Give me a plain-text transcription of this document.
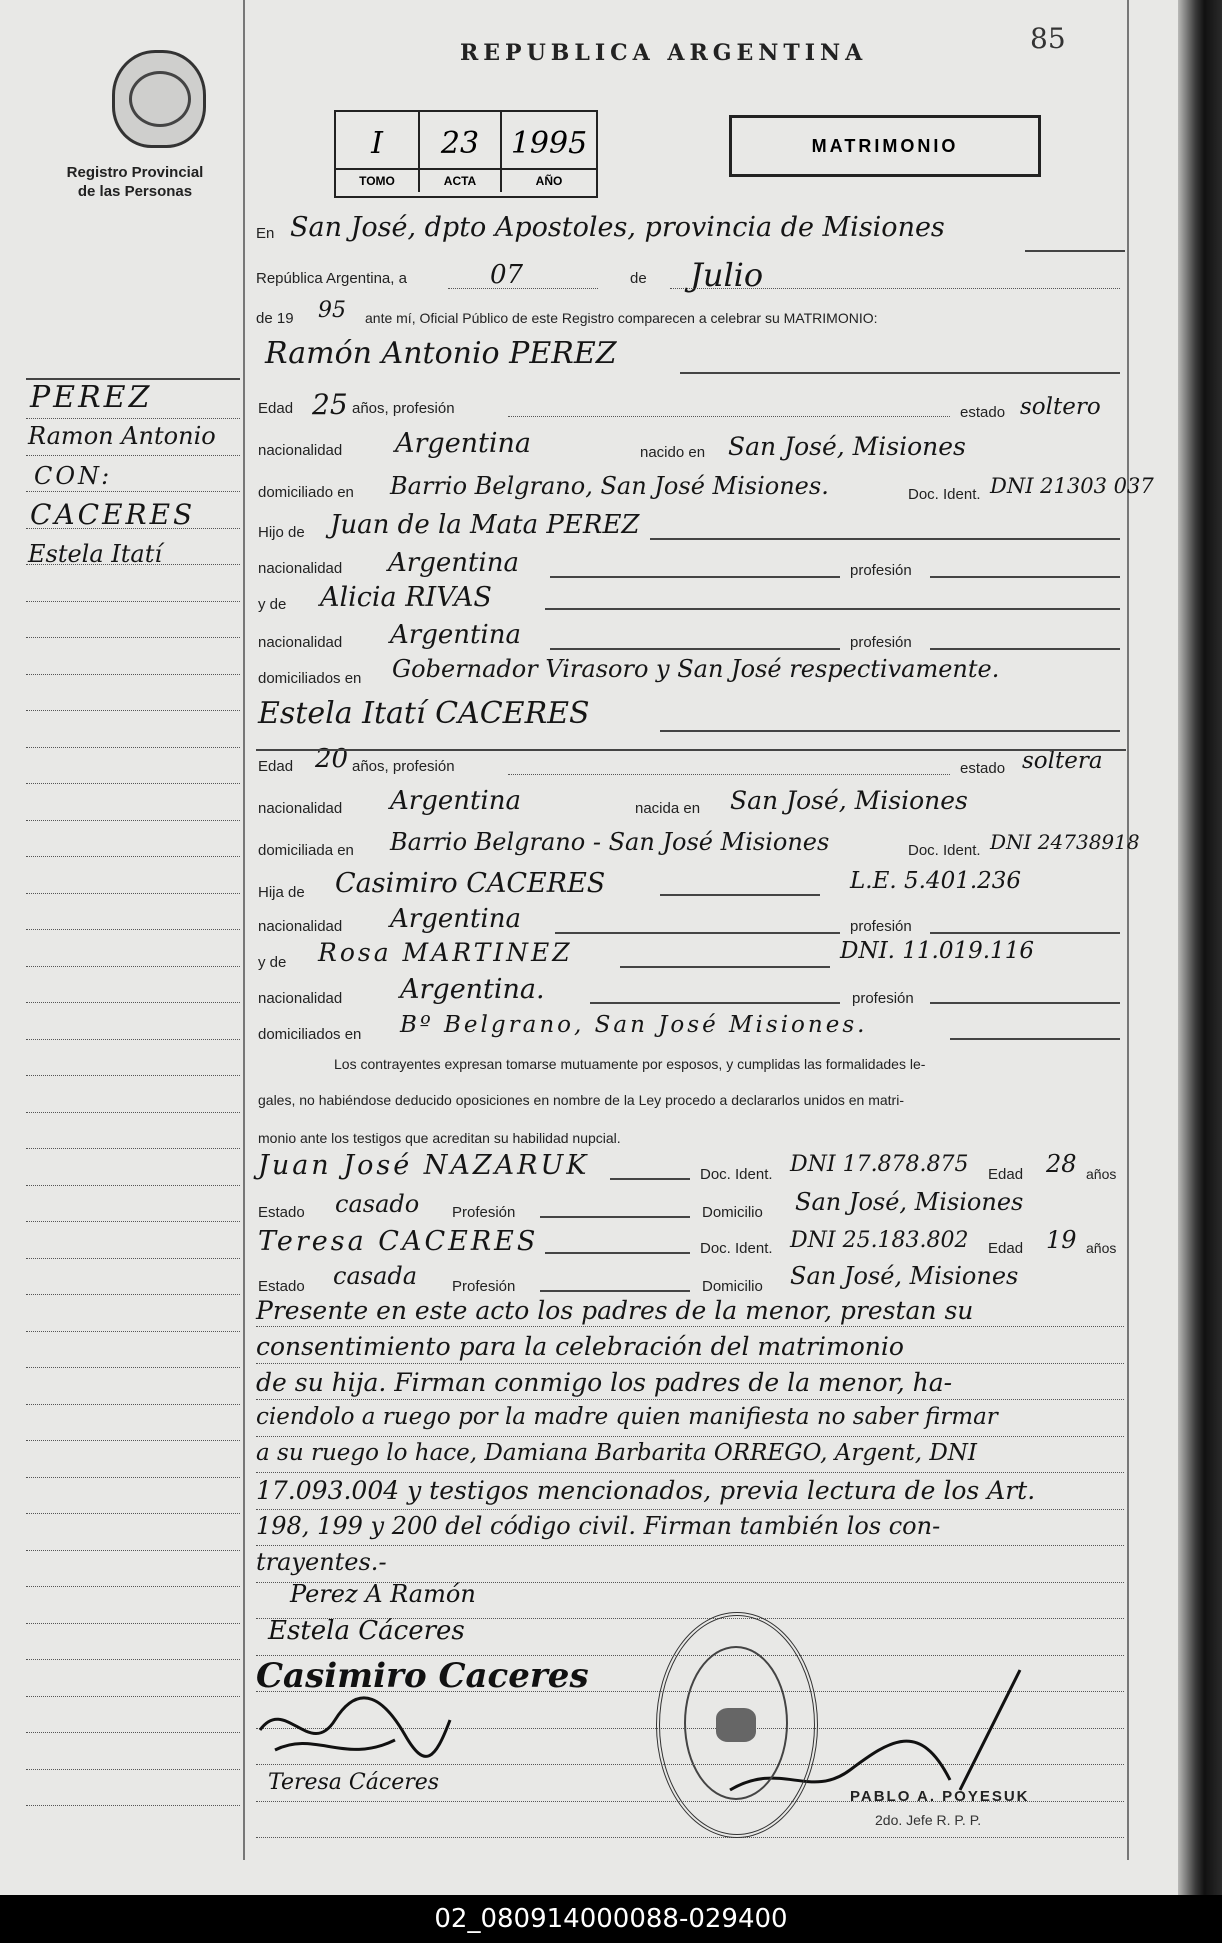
Registro Provincial
de las Personas
PEREZ
Ramon Antonio
CON:
CACERES
Estela Itatí
REPUBLICA ARGENTINA	85
I
TOMO
23
ACTA
1995
AÑO
MATRIMONIO
En San José, dpto Apostoles, provincia de Misiones
República Argentina, a	07	de Julio
de 19 95 ante mí, Oficial Público de este Registro comparecen a celebrar su MATRIMONIO:
Ramón Antonio PEREZ
Edad 25 años, profesión	estado soltero
nacionalidad Argentina	nacido en San José, Misiones
domiciliado en Barrio Belgrano, San José Misiones.	Doc. Ident. DNI 21303 037
Hijo de Juan de la Mata PEREZ
nacionalidad Argentina	profesión
y de Alicia RIVAS
nacionalidad Argentina	profesión
domiciliados en Gobernador Virasoro y San José respectivamente.
Estela Itatí CACERES
Edad 20 años, profesión	estado soltera
nacionalidad Argentina	nacida en San José, Misiones
domiciliada en Barrio Belgrano - San José Misiones	Doc. Ident. DNI 24738918
Hija de Casimiro CACERES	L.E. 5.401.236
nacionalidad Argentina	profesión
y de Rosa MARTINEZ	DNI. 11.019.116
nacionalidad Argentina.	profesión
domiciliados en Bº Belgrano, San José Misiones.
Los contrayentes expresan tomarse mutuamente por esposos, y cumplidas las formalidades le-
gales, no habiéndose deducido oposiciones en nombre de la Ley procedo a declararlos unidos en matri-
monio ante los testigos que acreditan su habilidad nupcial.
Juan José NAZARUK	Doc. Ident. DNI 17.878.875 Edad 28 años
Estado casado Profesión	Domicilio San José, Misiones
Teresa CACERES	Doc. Ident. DNI 25.183.802 Edad 19 años
Estado casada Profesión	Domicilio San José, Misiones
Presente en este acto los padres de la menor, prestan su
consentimiento para la celebración del matrimonio
de su hija. Firman conmigo los padres de la menor, ha-
ciendolo a ruego por la madre quien manifiesta no saber firmar
a su ruego lo hace, Damiana Barbarita ORREGO, Argent, DNI
17.093.004 y testigos mencionados, previa lectura de los Art.
198, 199 y 200 del código civil. Firman también los con-
trayentes.-
Perez A Ramón
Estela Cáceres
Casimiro Caceres
Teresa Cáceres
PABLO A. POYESUK
2do. Jefe R. P. P.
02_080914000088-029400
